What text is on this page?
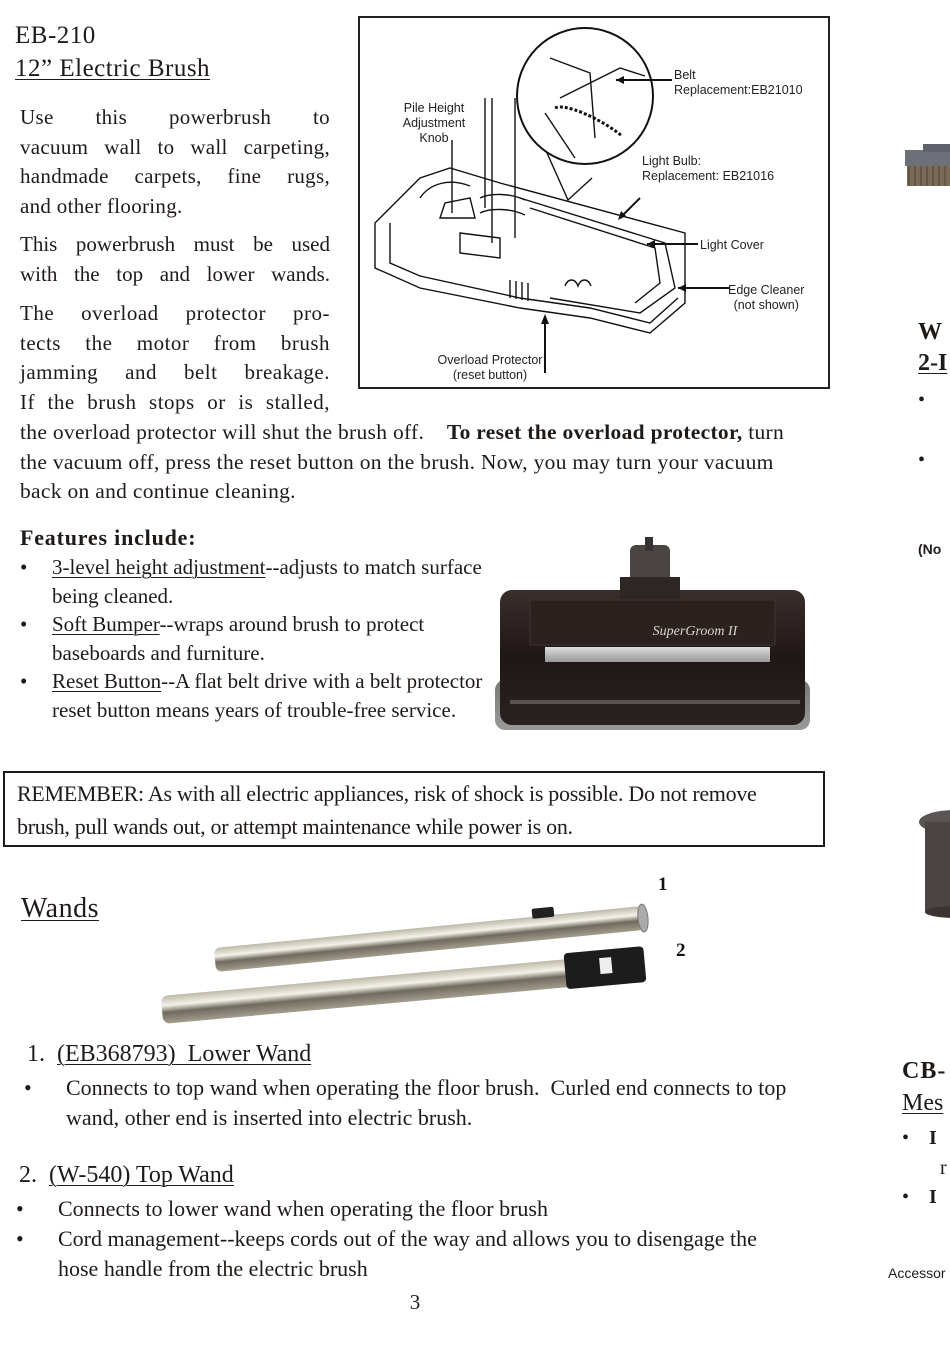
EB-210
12” Electric Brush
Use this powerbrush to
vacuum wall to wall carpeting,
handmade carpets, fine rugs,
and other flooring.
This powerbrush must be used
with the top and lower wands.
The overload protector pro-
tects the motor from brush
jamming and belt breakage.
If the brush stops or is stalled,
the overload protector will shut the brush off. To reset the overload protector, turn the vacuum off, press the reset button on the brush. Now, you may turn your vacuum back on and continue cleaning.
Pile Height
Adjustment Knob
Belt
Replacement:EB21010
Light Bulb:
Replacement: EB21016
Light Cover
Edge Cleaner
(not shown)
Overload Protector
(reset button)
Features include:
• 3-level height adjustment--adjusts to match surface being cleaned.
• Soft Bumper--wraps around brush to protect baseboards and furniture.
• Reset Button--A flat belt drive with a belt protector reset button means years of trouble-free service.
SuperGroom II
REMEMBER: As with all electric appliances, risk of shock is possible. Do not remove brush, pull wands out, or attempt maintenance while power is on.
Wands
1
2
1. (EB368793)  Lower Wand
• Connects to top wand when operating the floor brush.  Curled end connects to top wand, other end is inserted into electric brush.
2. (W-540) Top Wand
• Connects to lower wand when operating the floor brush
• Cord management--keeps cords out of the way and allows you to disengage the hose handle from the electric brush
3
W
2-I
•
•
(No
CB-
Mes
• I
r
• I
Accessor
